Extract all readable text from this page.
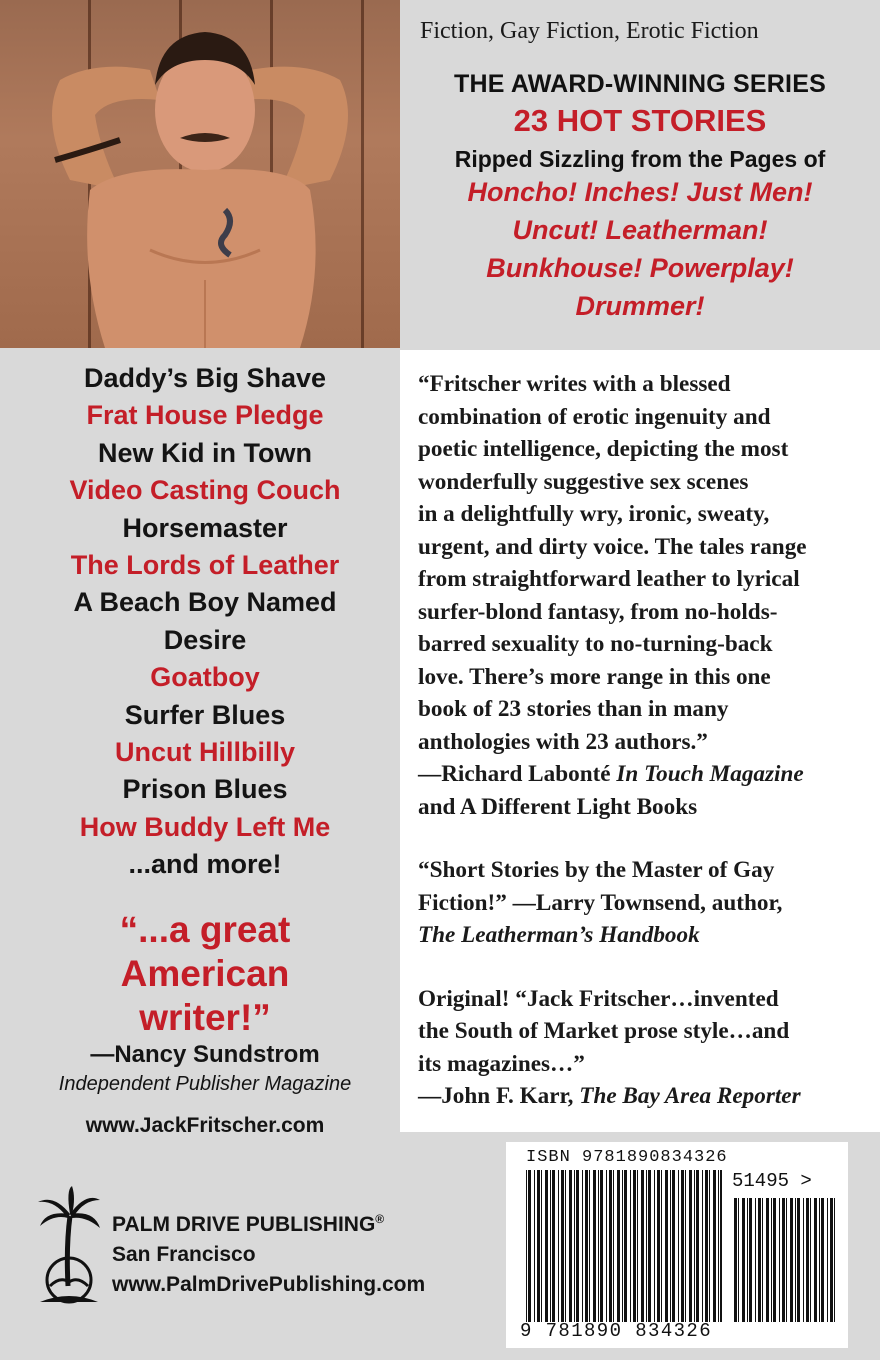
Fiction, Gay Fiction, Erotic Fiction
THE AWARD-WINNING SERIES
23 HOT STORIES
Ripped Sizzling from the Pages of
Honcho! Inches! Just Men!
Uncut! Leatherman!
Bunkhouse! Powerplay!
Drummer!
Daddy’s Big Shave
Frat House Pledge
New Kid in Town
Video Casting Couch
Horsemaster
The Lords of Leather
A Beach Boy Named
Desire
Goatboy
Surfer Blues
Uncut Hillbilly
Prison Blues
How Buddy Left Me
...and more!
“...a great
American
writer!”
—Nancy Sundstrom
Independent Publisher Magazine
www.JackFritscher.com

“Fritscher writes with a blessed
combination of erotic ingenuity and
poetic intelligence, depicting the most
wonderfully suggestive sex scenes
in a delightfully wry, ironic, sweaty,
urgent, and dirty voice. The tales range
from straightforward leather to lyrical
surfer-blond fantasy, from no-holds-
barred sexuality to no-turning-back
love. There’s more range in this one
book of 23 stories than in many
anthologies with 23 authors.”
—Richard Labonté In Touch Magazine
and A Different Light Books

“Short Stories by the Master of Gay
Fiction!” —Larry Townsend, author,
The Leatherman’s Handbook

Original! “Jack Fritscher…invented
the South of Market prose style…and
its magazines…”
—John F. Karr, The Bay Area Reporter

PALM DRIVE PUBLISHING®
San Francisco
www.PalmDrivePublishing.com
ISBN 9781890834326
51495 >
9 781890 834326
